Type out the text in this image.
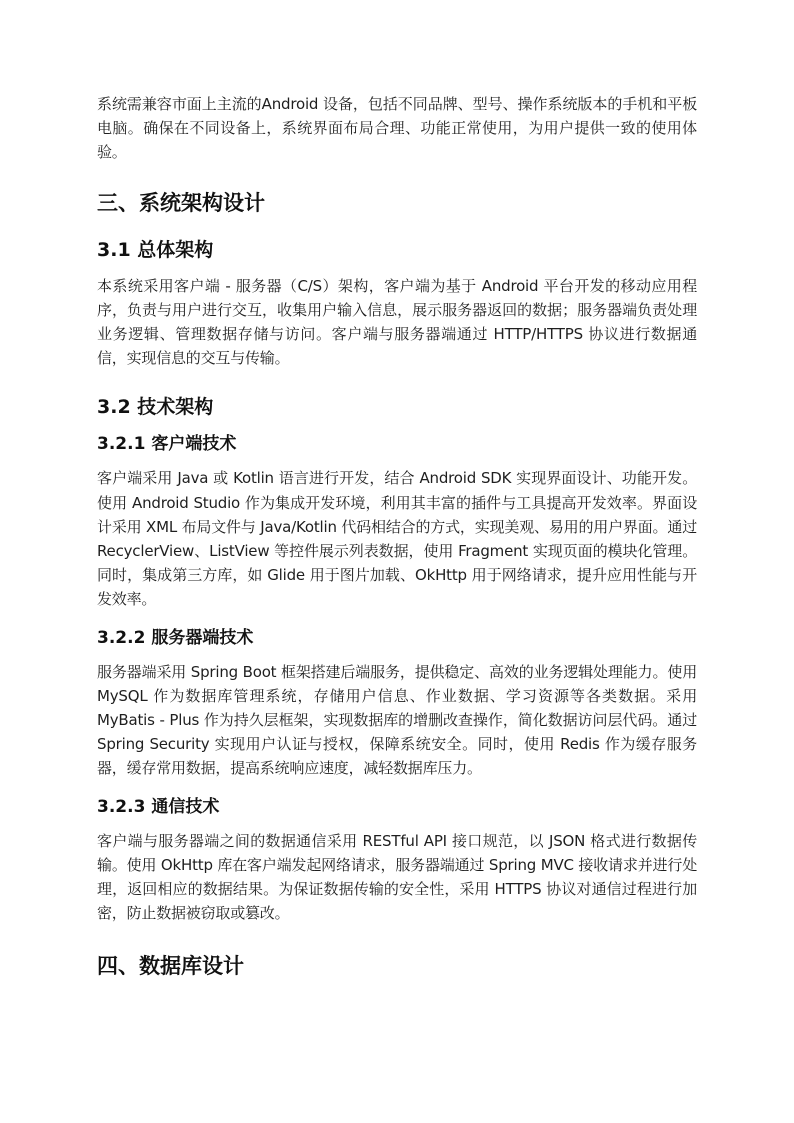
系统需兼容市面上主流的Android 设备，包括不同品牌、型号、操作系统版本的手机和平板电脑。确保在不同设备上，系统界面布局合理、功能正常使用，为用户提供一致的使用体验。

三、系统架构设计
3.1 总体架构

本系统采用客户端 - 服务器（C/S）架构，客户端为基于 Android 平台开发的移动应用程序，负责与用户进行交互，收集用户输入信息，展示服务器返回的数据；服务器端负责处理业务逻辑、管理数据存储与访问。客户端与服务器端通过 HTTP/HTTPS 协议进行数据通信，实现信息的交互与传输。

3.2 技术架构
3.2.1 客户端技术

客户端采用 Java 或 Kotlin 语言进行开发，结合 Android SDK 实现界面设计、功能开发。使用 Android Studio 作为集成开发环境，利用其丰富的插件与工具提高开发效率。界面设计采用 XML 布局文件与 Java/Kotlin 代码相结合的方式，实现美观、易用的用户界面。通过 RecyclerView、ListView 等控件展示列表数据，使用 Fragment 实现页面的模块化管理。同时，集成第三方库，如 Glide 用于图片加载、OkHttp 用于网络请求，提升应用性能与开发效率。

3.2.2 服务器端技术

服务器端采用 Spring Boot 框架搭建后端服务，提供稳定、高效的业务逻辑处理能力。使用 MySQL 作为数据库管理系统，存储用户信息、作业数据、学习资源等各类数据。采用 MyBatis - Plus 作为持久层框架，实现数据库的增删改查操作，简化数据访问层代码。通过 Spring Security 实现用户认证与授权，保障系统安全。同时，使用 Redis 作为缓存服务器，缓存常用数据，提高系统响应速度，减轻数据库压力。

3.2.3 通信技术

客户端与服务器端之间的数据通信采用 RESTful API 接口规范，以 JSON 格式进行数据传输。使用 OkHttp 库在客户端发起网络请求，服务器端通过 Spring MVC 接收请求并进行处理，返回相应的数据结果。为保证数据传输的安全性，采用 HTTPS 协议对通信过程进行加密，防止数据被窃取或篡改。

四、数据库设计
